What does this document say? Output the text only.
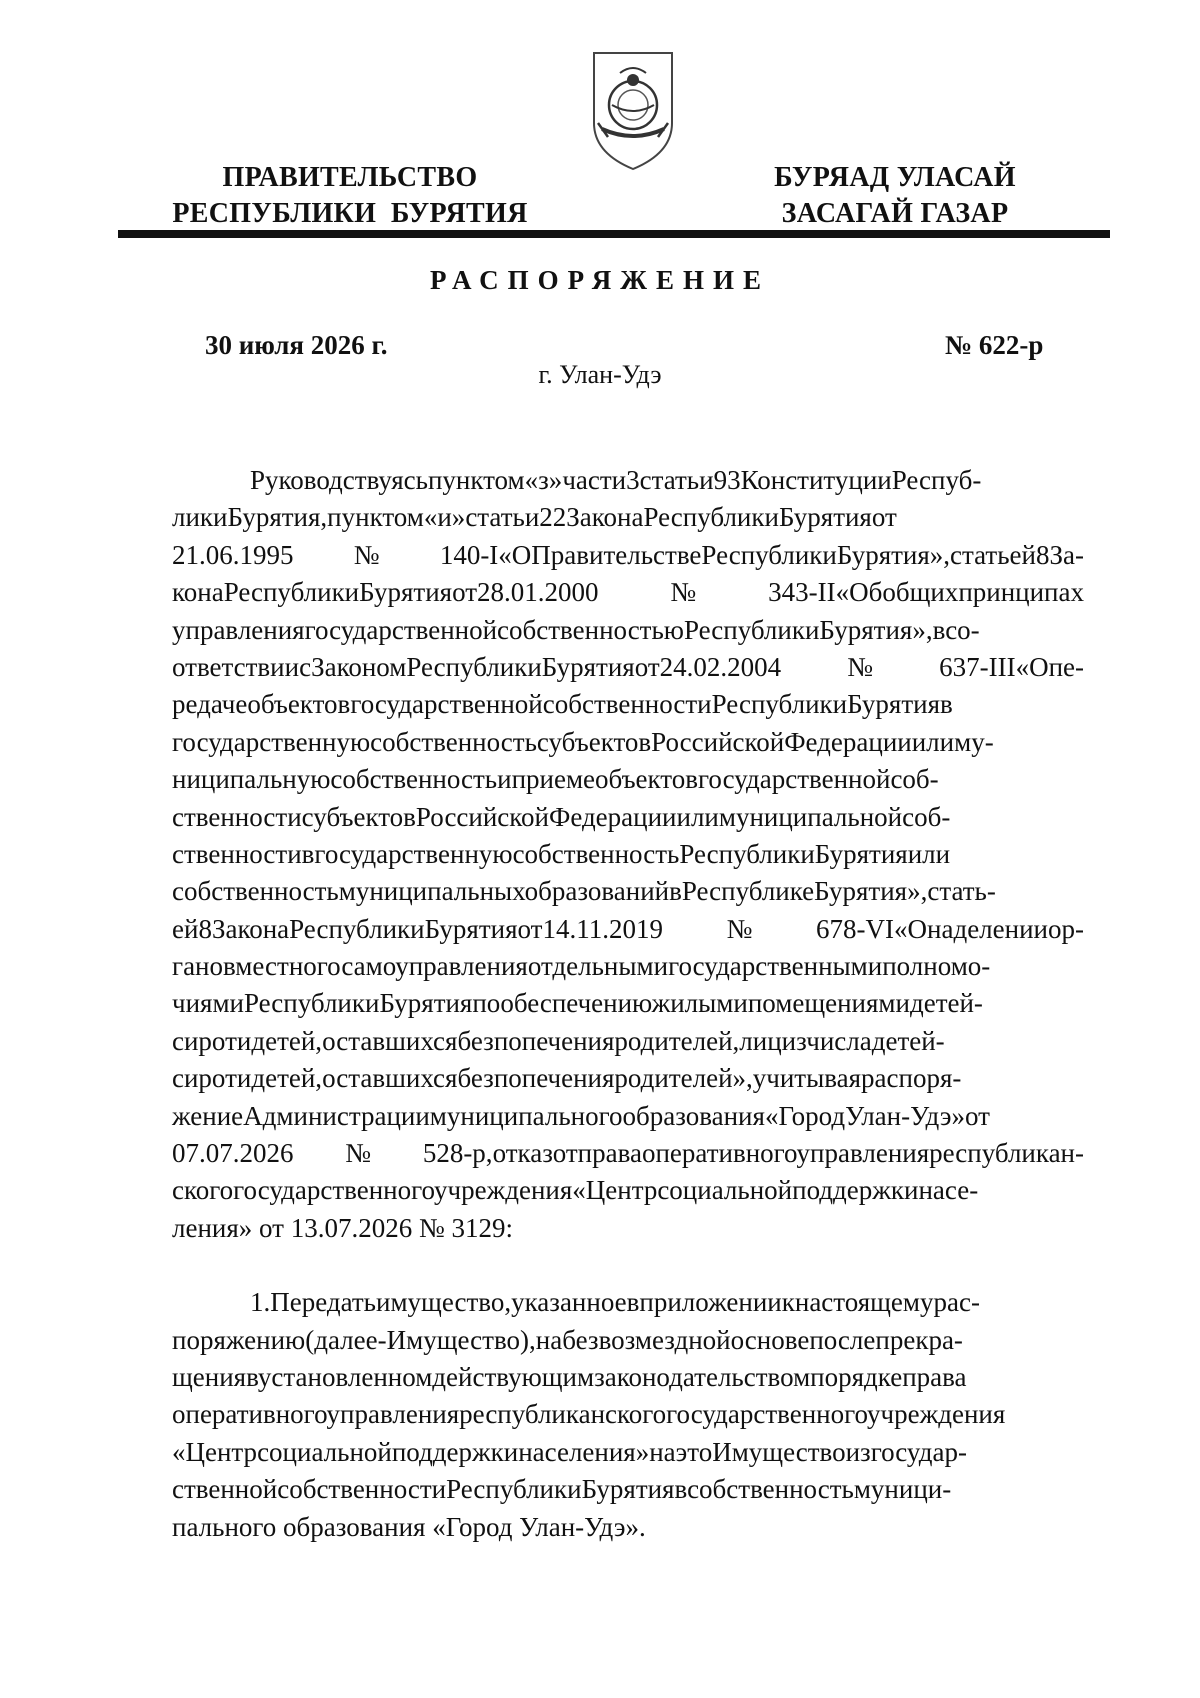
ПРАВИТЕЛЬСТВО
РЕСПУБЛИКИ  БУРЯТИЯ
БУРЯАД УЛАСАЙ
ЗАСАГАЙ ГАЗАР
РАСПОРЯЖЕНИЕ
30 июля 2026 г.	№ 622-р
г. Улан-Удэ
Руководствуясьпунктом«з»части3статьи93КонституцииРеспуб-
ликиБурятия,пунктом«и»статьи22ЗаконаРеспубликиБурятияот
21.06.1995№140-I«ОПравительствеРеспубликиБурятия»,статьей8За-
конаРеспубликиБурятияот28.01.2000№343-II«Обобщихпринципах
управлениягосударственнойсобственностьюРеспубликиБурятия»,всо-
ответствиисЗакономРеспубликиБурятияот24.02.2004№637-III«Опе-
редачеобъектовгосударственнойсобственностиРеспубликиБурятияв
государственнуюсобственностьсубъектовРоссийскойФедерацииилиму-
ниципальнуюсобственностьиприемеобъектовгосударственнойсоб-
ственностисубъектовРоссийскойФедерацииилимуниципальнойсоб-
ственностивгосударственнуюсобственностьРеспубликиБурятияили
собственностьмуниципальныхобразованийвРеспубликеБурятия»,стать-
ей8ЗаконаРеспубликиБурятияот14.11.2019№678-VI«Онаделенииор-
гановместногосамоуправленияотдельнымигосударственнымиполномо-
чиямиРеспубликиБурятияпообеспечениюжилымипомещениямидетей-
сиротидетей,оставшихсябезпопеченияродителей,лицизчисладетей-
сиротидетей,оставшихсябезпопеченияродителей»,учитываяраспоря-
жениеАдминистрациимуниципальногообразования«ГородУлан-Удэ»от
07.07.2026№528-р,отказотправаоперативногоуправленияреспубликан-
скогогосударственногоучреждения«Центрсоциальнойподдержкинасе-
ления» от 13.07.2026 № 3129:
1.Передатьимущество,указанноевприложениикнастоящемурас-
поряжению(далее-Имущество),набезвозмезднойосновепослепрекра-
щениявустановленномдействующимзаконодательствомпорядкеправа
оперативногоуправленияреспубликанскогогосударственногоучреждения
«Центрсоциальнойподдержкинаселения»наэтоИмуществоизгосудар-
ственнойсобственностиРеспубликиБурятиявсобственностьмуници-
пального образования «Город Улан-Удэ».
